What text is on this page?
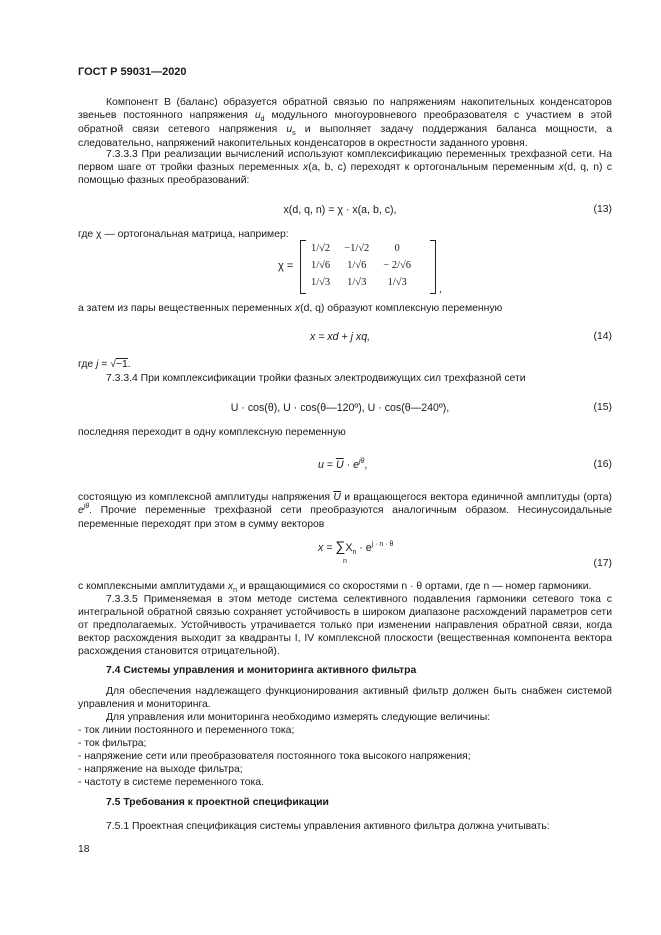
ГОСТ Р 59031—2020
Компонент В (баланс) образуется обратной связью по напряжениям накопительных конденсаторов звеньев постоянного напряжения $u_d$ модульного многоуровневого преобразователя с участием в этой обратной связи сетевого напряжения $u_s$ и выполняет задачу поддержания баланса мощности, а следовательно, напряжений накопительных конденсаторов в окрестности заданного уровня.
7.3.3.3 При реализации вычислений используют комплексификацию переменных трехфазной сети. На первом шаге от тройки фазных переменных x(a, b, c) переходят к ортогональным переменным x(d, q, n) с помощью фазных преобразований:
x(d, q, n) = χ · x(a, b, c),	(13)
где χ — ортогональная матрица, например:
χ =
1/√2	−1/√2	0
1/√6	1/√6	− 2/√6
1/√3	1/√3	1/√3
,
а затем из пары вещественных переменных x(d, q) образуют комплексную переменную
x = xd + j xq,	(14)
где j = √−1.
7.3.3.4 При комплексификации тройки фазных электродвижущих сил трехфазной сети
U · cos(θ), U · cos(θ—120º), U · cos(θ—240º),	(15)
последняя переходит в одну комплексную переменную
$u = \overline{U} \cdot e^{j\theta}$,	(16)
состоящую из комплексной амплитуды напряжения $\overline{U}$ и вращающегося вектора единичной амплитуды (орта) $e^{j\theta}$. Прочие переменные трехфазной сети преобразуются аналогичным образом. Несинусоидальные переменные переходят при этом в сумму векторов
$x = \sum X_n \cdot e^{j \cdot n \cdot \theta}$
n	(17)
с комплексными амплитудами $x_n$ и вращающимися со скоростями n · θ ортами, где n — номер гармоники.
7.3.3.5 Применяемая в этом методе система селективного подавления гармоники сетевого тока с интегральной обратной связью сохраняет устойчивость в широком диапазоне расхождений параметров сети от предполагаемых. Устойчивость утрачивается только при изменении направления обратной связи, когда вектор расхождения выходит за квадранты I, IV комплексной плоскости (вещественная компонента вектора расхождения становится отрицательной).
7.4 Системы управления и мониторинга активного фильтра
Для обеспечения надлежащего функционирования активный фильтр должен быть снабжен системой управления и мониторинга.
Для управления или мониторинга необходимо измерять следующие величины:
- ток линии постоянного и переменного тока;
- ток фильтра;
- напряжение сети или преобразователя постоянного тока высокого напряжения;
- напряжение на выходе фильтра;
- частоту в системе переменного тока.
7.5 Требования к проектной спецификации
7.5.1 Проектная спецификация системы управления активного фильтра должна учитывать:
18
